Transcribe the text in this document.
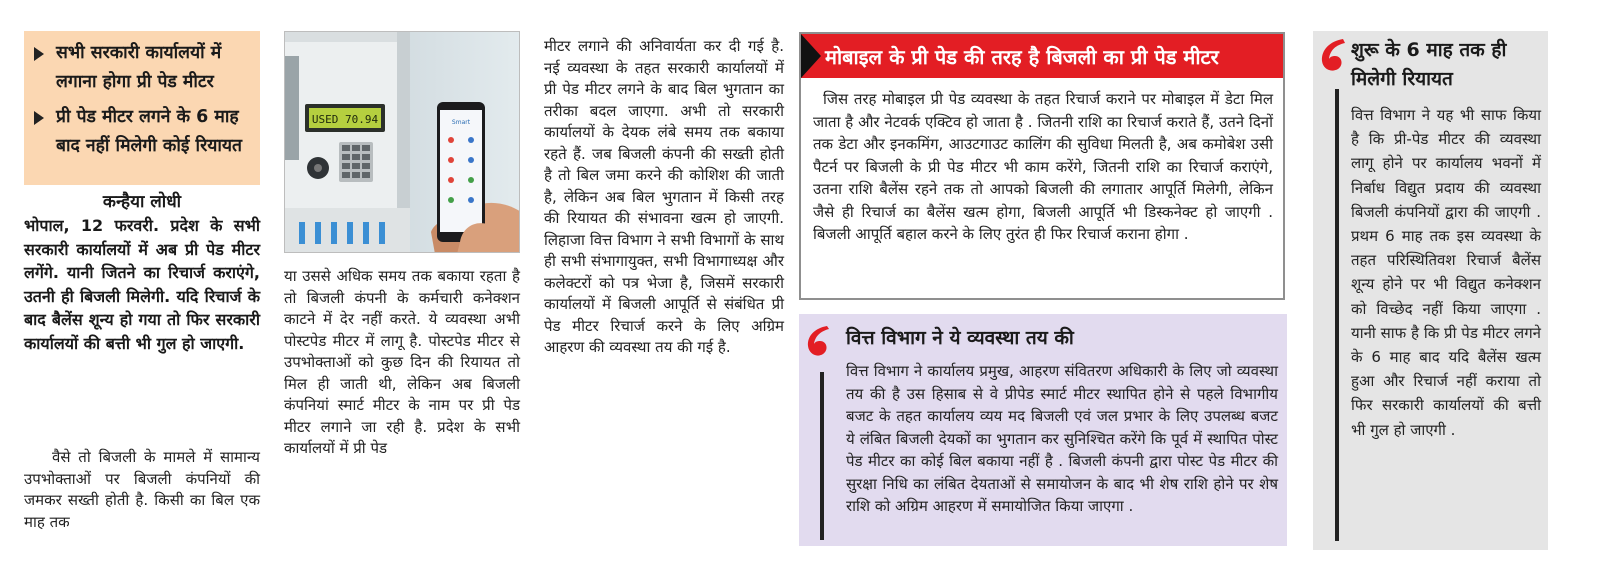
सभी सरकारी कार्यालयों में लगाना होगा प्री पेड मीटर
प्री पेड मीटर लगने के 6 माह बाद नहीं मिलेगी कोई रियायत
कन्हैया लोधी

भोपाल, 12 फरवरी. प्रदेश के सभी सरकारी कार्यालयों में अब प्री पेड मीटर लगेंगे. यानी जितने का रिचार्ज कराएंगे, उतनी ही बिजली मिलेगी. यदि रिचार्ज के बाद बैलेंस शून्य हो गया तो फिर सरकारी कार्यालयों की बत्ती भी गुल हो जाएगी.

वैसे तो बिजली के मामले में सामान्य उपभोक्ताओं पर बिजली कंपनियों की जमकर सख्ती होती है. किसी का बिल एक माह तक

USED 70.94	Smart

या उससे अधिक समय तक बकाया रहता है तो बिजली कंपनी के कर्मचारी कनेक्शन काटने में देर नहीं करते. ये व्यवस्था अभी पोस्टपेड मीटर में लागू है. पोस्टपेड मीटर से उपभोक्ताओं को कुछ दिन की रियायत तो मिल ही जाती थी, लेकिन अब बिजली कंपनियां स्मार्ट मीटर के नाम पर प्री पेड मीटर लगाने जा रही है. प्रदेश के सभी कार्यालयों में प्री पेड

मीटर लगाने की अनिवार्यता कर दी गई है. नई व्यवस्था के तहत सरकारी कार्यालयों में प्री पेड मीटर लगने के बाद बिल भुगतान का तरीका बदल जाएगा. अभी तो सरकारी कार्यालयों के देयक लंबे समय तक बकाया रहते हैं. जब बिजली कंपनी की सख्ती होती है तो बिल जमा करने की कोशिश की जाती है, लेकिन अब बिल भुगतान में किसी तरह की रियायत की संभावना खत्म हो जाएगी. लिहाजा वित्त विभाग ने सभी विभागों के साथ ही सभी संभागायुक्त, सभी विभागाध्यक्ष और कलेक्टरों को पत्र भेजा है, जिसमें सरकारी कार्यालयों में बिजली आपूर्ति से संबंधित प्री पेड मीटर रिचार्ज करने के लिए अग्रिम आहरण की व्यवस्था तय की गई है.

मोबाइल के प्री पेड की तरह है बिजली का प्री पेड मीटर

जिस तरह मोबाइल प्री पेड व्यवस्था के तहत रिचार्ज कराने पर मोबाइल में डेटा मिल जाता है और नेटवर्क एक्टिव हो जाता है . जितनी राशि का रिचार्ज कराते हैं, उतने दिनों तक डेटा और इनकमिंग, आउटगाउट कालिंग की सुविधा मिलती है, अब कमोबेश उसी पैटर्न पर बिजली के प्री पेड मीटर भी काम करेंगे, जितनी राशि का रिचार्ज कराएंगे, उतना राशि बैलेंस रहने तक तो आपको बिजली की लगातार आपूर्ति मिलेगी, लेकिन जैसे ही रिचार्ज का बैलेंस खत्म होगा, बिजली आपूर्ति भी डिस्कनेक्ट हो जाएगी . बिजली आपूर्ति बहाल करने के लिए तुरंत ही फिर रिचार्ज कराना होगा .

वित्त विभाग ने ये व्यवस्था तय की

वित्त विभाग ने कार्यालय प्रमुख, आहरण संवितरण अधिकारी के लिए जो व्यवस्था तय की है उस हिसाब से वे प्रीपेड स्मार्ट मीटर स्थापित होने से पहले विभागीय बजट के तहत कार्यालय व्यय मद बिजली एवं जल प्रभार के लिए उपलब्ध बजट ये लंबित बिजली देयकों का भुगतान कर सुनिश्चित करेंगे कि पूर्व में स्थापित पोस्ट पेड मीटर का कोई बिल बकाया नहीं है . बिजली कंपनी द्वारा पोस्ट पेड मीटर की सुरक्षा निधि का लंबित देयताओं से समायोजन के बाद भी शेष राशि होने पर शेष राशि को अग्रिम आहरण में समायोजित किया जाएगा .

शुरू के 6 माह तक ही मिलेगी रियायत

वित्त विभाग ने यह भी साफ किया है कि प्री-पेड मीटर की व्यवस्था लागू होने पर कार्यालय भवनों में निर्बाध विद्युत प्रदाय की व्यवस्था बिजली कंपनियों द्वारा की जाएगी . प्रथम 6 माह तक इस व्यवस्था के तहत परिस्थितिवश रिचार्ज बैलेंस शून्य होने पर भी विद्युत कनेक्शन को विच्छेद नहीं किया जाएगा . यानी साफ है कि प्री पेड मीटर लगने के 6 माह बाद यदि बैलेंस खत्म हुआ और रिचार्ज नहीं कराया तो फिर सरकारी कार्यालयों की बत्ती भी गुल हो जाएगी .
